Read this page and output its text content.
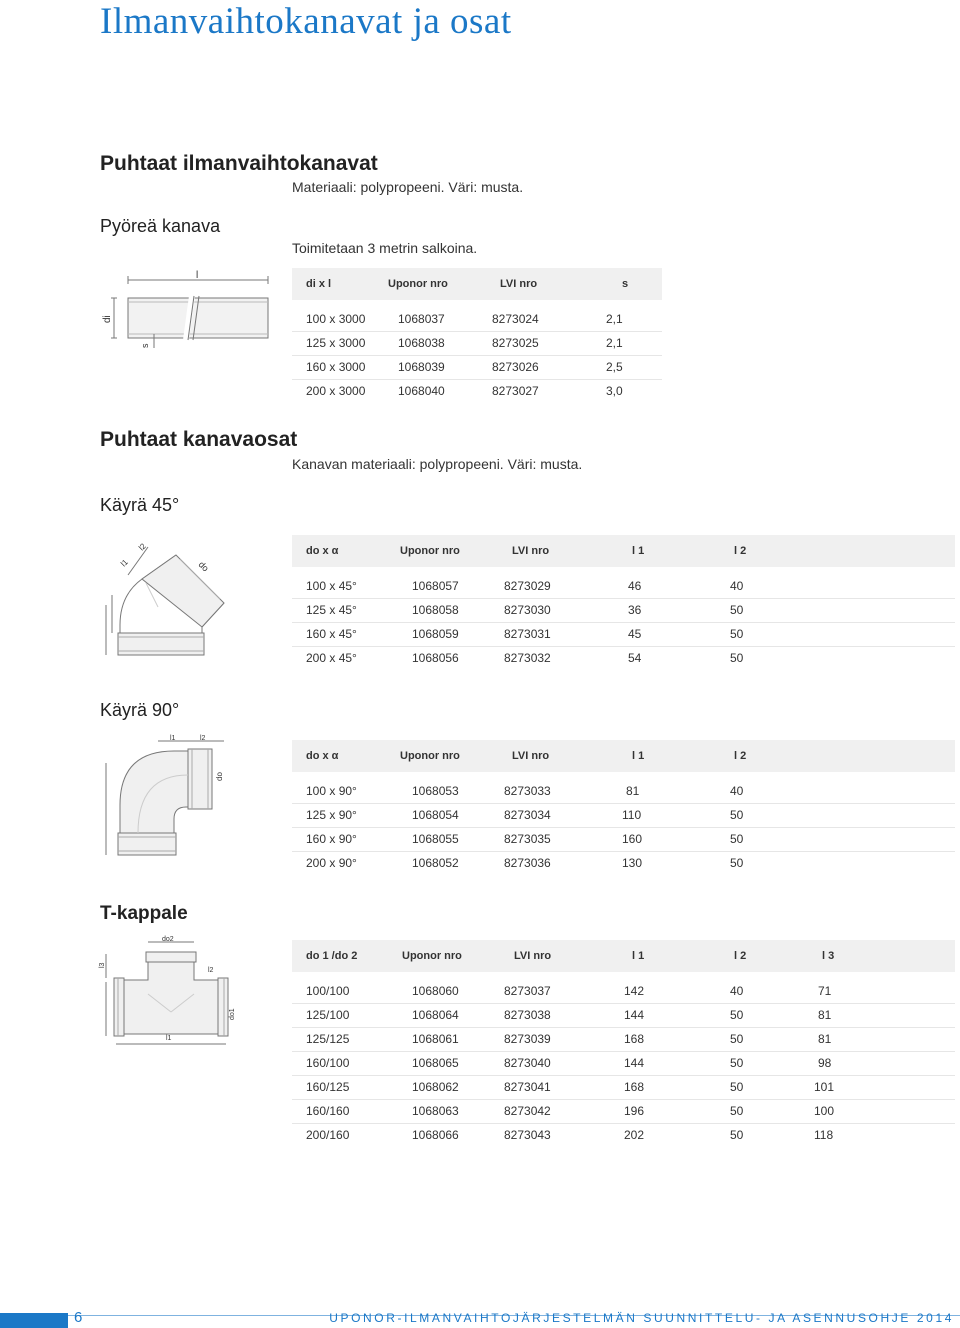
Ilmanvaihtokanavat ja osat
Puhtaat ilmanvaihtokanavat
Materiaali: polypropeeni. Väri: musta.
Pyöreä kanava
Toimitetaan 3 metrin salkoina.
l
di
s
di x l	Uponor nro	LVI nro	s
100 x 3000	1068037	8273024	2,1
125 x 3000	1068038	8273025	2,1
160 x 3000	1068039	8273026	2,5
200 x 3000	1068040	8273027	3,0
Puhtaat kanavaosat
Kanavan materiaali: polypropeeni. Väri: musta.
Käyrä 45°
l1
l2
do
do x α	Uponor nro	LVI nro	l 1	l 2
100 x 45°	1068057	8273029	46	40
125 x 45°	1068058	8273030	36	50
160 x 45°	1068059	8273031	45	50
200 x 45°	1068056	8273032	54	50
Käyrä 90°
l1	l2
do
do x α	Uponor nro	LVI nro	l 1	l 2
100 x 90°	1068053	8273033	81	40
125 x 90°	1068054	8273034	110	50
160 x 90°	1068055	8273035	160	50
200 x 90°	1068052	8273036	130	50
T-kappale
do2
do1
l1
l2
l3
do 1 /do 2	Uponor nro	LVI nro	l 1	l 2	l 3
100/100	1068060	8273037	142	40	71
125/100	1068064	8273038	144	50	81
125/125	1068061	8273039	168	50	81
160/100	1068065	8273040	144	50	98
160/125	1068062	8273041	168	50	101
160/160	1068063	8273042	196	50	100
200/160	1068066	8273043	202	50	118
6	UPONOR-ILMANVAIHTOJÄRJESTELMÄN SUUNNITTELU- JA ASENNUSOHJE 2014
